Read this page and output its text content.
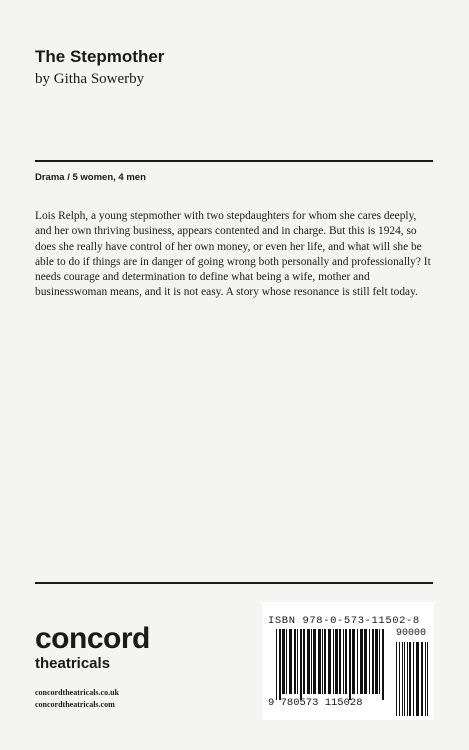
The Stepmother
by Githa Sowerby
Drama / 5 women, 4 men

Lois Relph, a young stepmother with two stepdaughters for whom she cares deeply, and her own thriving business, appears contented and in charge. But this is 1924, so does she really have control of her own money, or even her life, and what will she be able to do if things are in danger of going wrong both personally and professionally? It needs courage and determination to define what being a wife, mother and businesswoman means, and it is not easy. A story whose resonance is still felt today.

concord
theatricals
concordtheatricals.co.uk
concordtheatricals.com
ISBN 978-0-573-11502-8
90000
9 780573 115028
